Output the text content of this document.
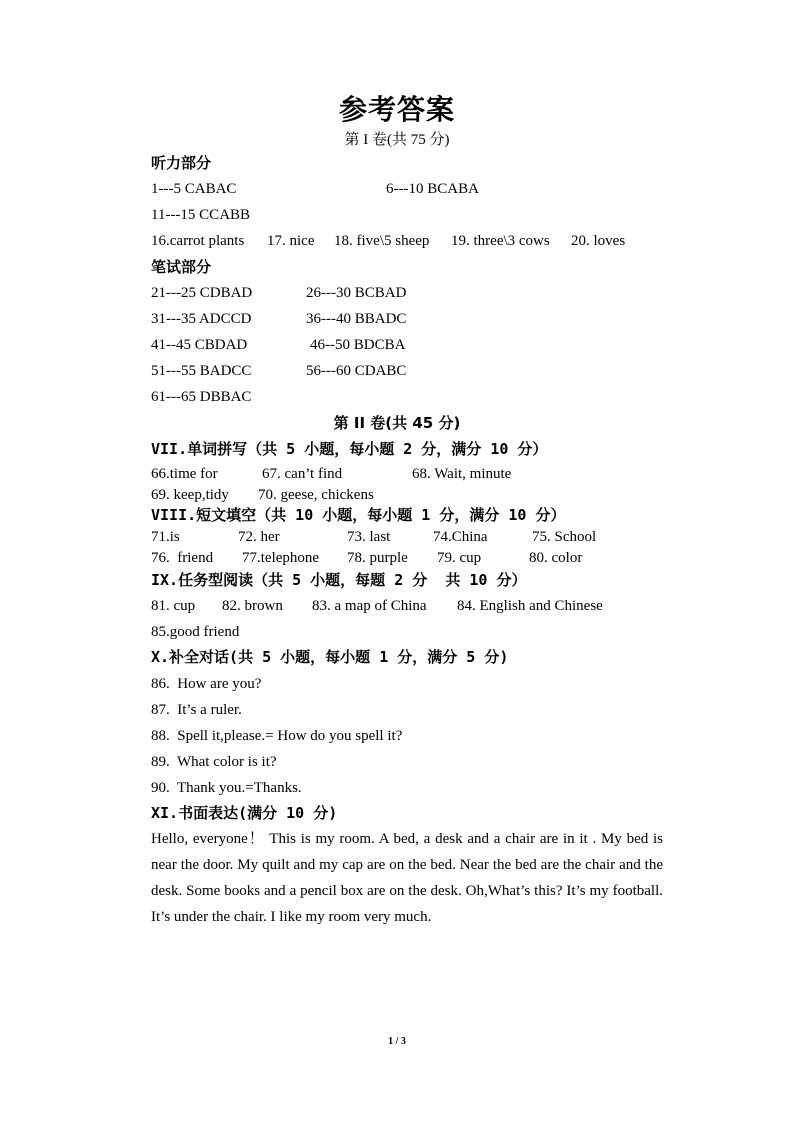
参考答案
第 I 卷(共 75 分)
听力部分
1---5 CABAC	6---10 BCABA
11---15 CCABB
16.carrot plants 17. nice 18. five\5 sheep 19. three\3 cows 20. loves
笔试部分
21---25 CDBAD	26---30 BCBAD
31---35 ADCCD	36---40 BBADC
41--45 CBDAD	46--50 BDCBA
51---55 BADCC	56---60 CDABC
61---65 DBBAC
第 II 卷(共 45 分)
VII.单词拼写（共 5 小题，每小题 2 分，满分 10 分）
66.time for	67. can’t find	68. Wait, minute
69. keep,tidy 70. geese, chickens
VIII.短文填空（共 10 小题，每小题 1 分，满分 10 分）
71.is	72. her	73. last	74.China	75. School
76.  friend 77.telephone 78. purple 79. cup	80. color
IX.任务型阅读（共 5 小题，每题 2 分  共 10 分）
81. cup 82. brown 83. a map of China 84. English and Chinese
85.good friend
X.补全对话(共 5 小题，每小题 1 分，满分 5 分)
86.  How are you?
87.  It’s a ruler.
88.  Spell it,please.= How do you spell it?
89.  What color is it?
90.  Thank you.=Thanks.
XI.书面表达(满分 10 分)
Hello, everyone！ This is my room. A bed, a desk and a chair are in it . My bed is near the door. My quilt and my cap are on the bed. Near the bed are the chair and the desk. Some books and a pencil box are on the desk. Oh,What’s this? It’s my football. It’s under the chair. I like my room very much.
1 / 3
